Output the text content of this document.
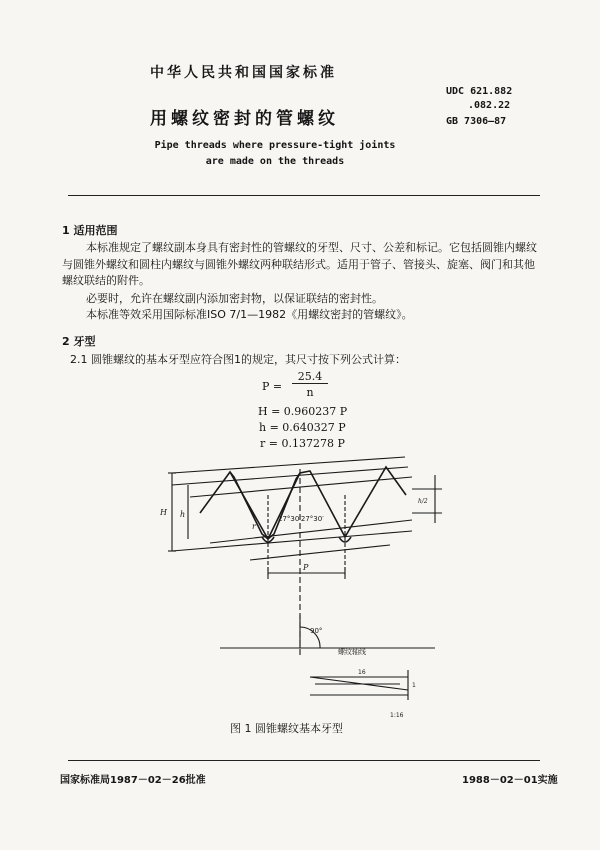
中华人民共和国国家标准
用螺纹密封的管螺纹
Pipe threads where pressure-tight joints
are made on the threads
UDC 621.882
.082.22
GB 7306—87
1 适用范围
本标准规定了螺纹副本身具有密封性的管螺纹的牙型、尺寸、公差和标记。它包括圆锥内螺纹与圆锥外螺纹和圆柱内螺纹与圆锥外螺纹两种联结形式。适用于管子、管接头、旋塞、阀门和其他螺纹联结的附件。
必要时，允许在螺纹副内添加密封物，以保证联结的密封性。
本标准等效采用国际标准ISO 7/1—1982《用螺纹密封的管螺纹》。
2 牙型
2.1 圆锥螺纹的基本牙型应符合图1的规定，其尺寸按下列公式计算：
P =
25.4
n
H = 0.960237 P
h = 0.640327 P
r = 0.137278 P
H h
r
h/2
P
27°30′27°30′
90°
螺纹轴线
16
1
1:16
图 1 圆锥螺纹基本牙型
国家标准局1987－02－26批准	1988－02－01实施
